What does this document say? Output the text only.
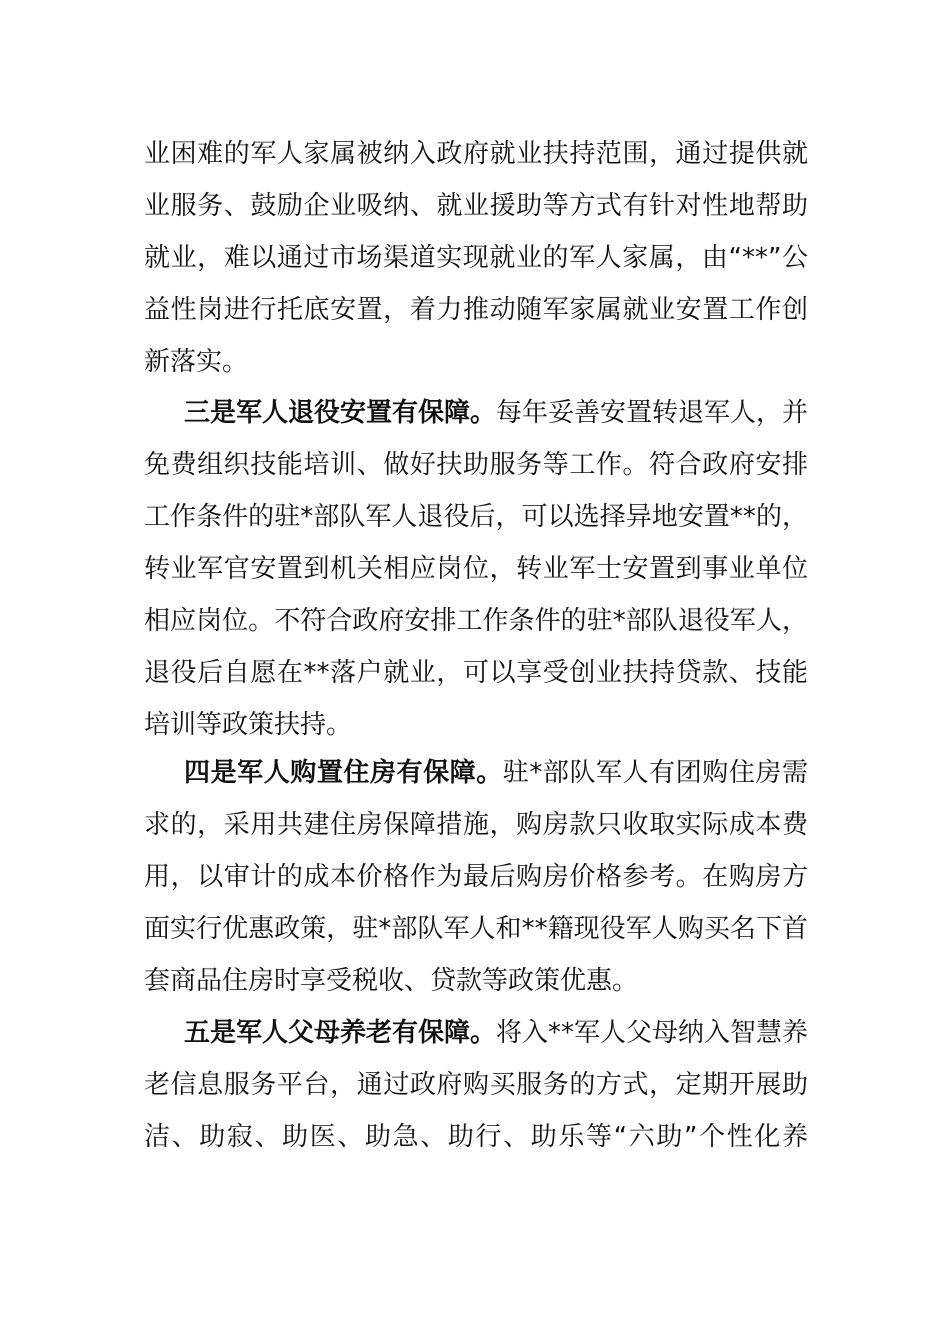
业困难的军人家属被纳入政府就业扶持范围，通过提供就
业服务、鼓励企业吸纳、就业援助等方式有针对性地帮助
就业，难以通过市场渠道实现就业的军人家属，由“**”公
益性岗进行托底安置，着力推动随军家属就业安置工作创
新落实。
三是军人退役安置有保障。每年妥善安置转退军人，并
免费组织技能培训、做好扶助服务等工作。符合政府安排
工作条件的驻*部队军人退役后，可以选择异地安置**的，
转业军官安置到机关相应岗位，转业军士安置到事业单位
相应岗位。不符合政府安排工作条件的驻*部队退役军人，
退役后自愿在**落户就业，可以享受创业扶持贷款、技能
培训等政策扶持。
四是军人购置住房有保障。驻*部队军人有团购住房需
求的，采用共建住房保障措施，购房款只收取实际成本费
用，以审计的成本价格作为最后购房价格参考。在购房方
面实行优惠政策，驻*部队军人和**籍现役军人购买名下首
套商品住房时享受税收、贷款等政策优惠。
五是军人父母养老有保障。将入**军人父母纳入智慧养
老信息服务平台，通过政府购买服务的方式，定期开展助
洁、助寂、助医、助急、助行、助乐等“六助”个性化养
